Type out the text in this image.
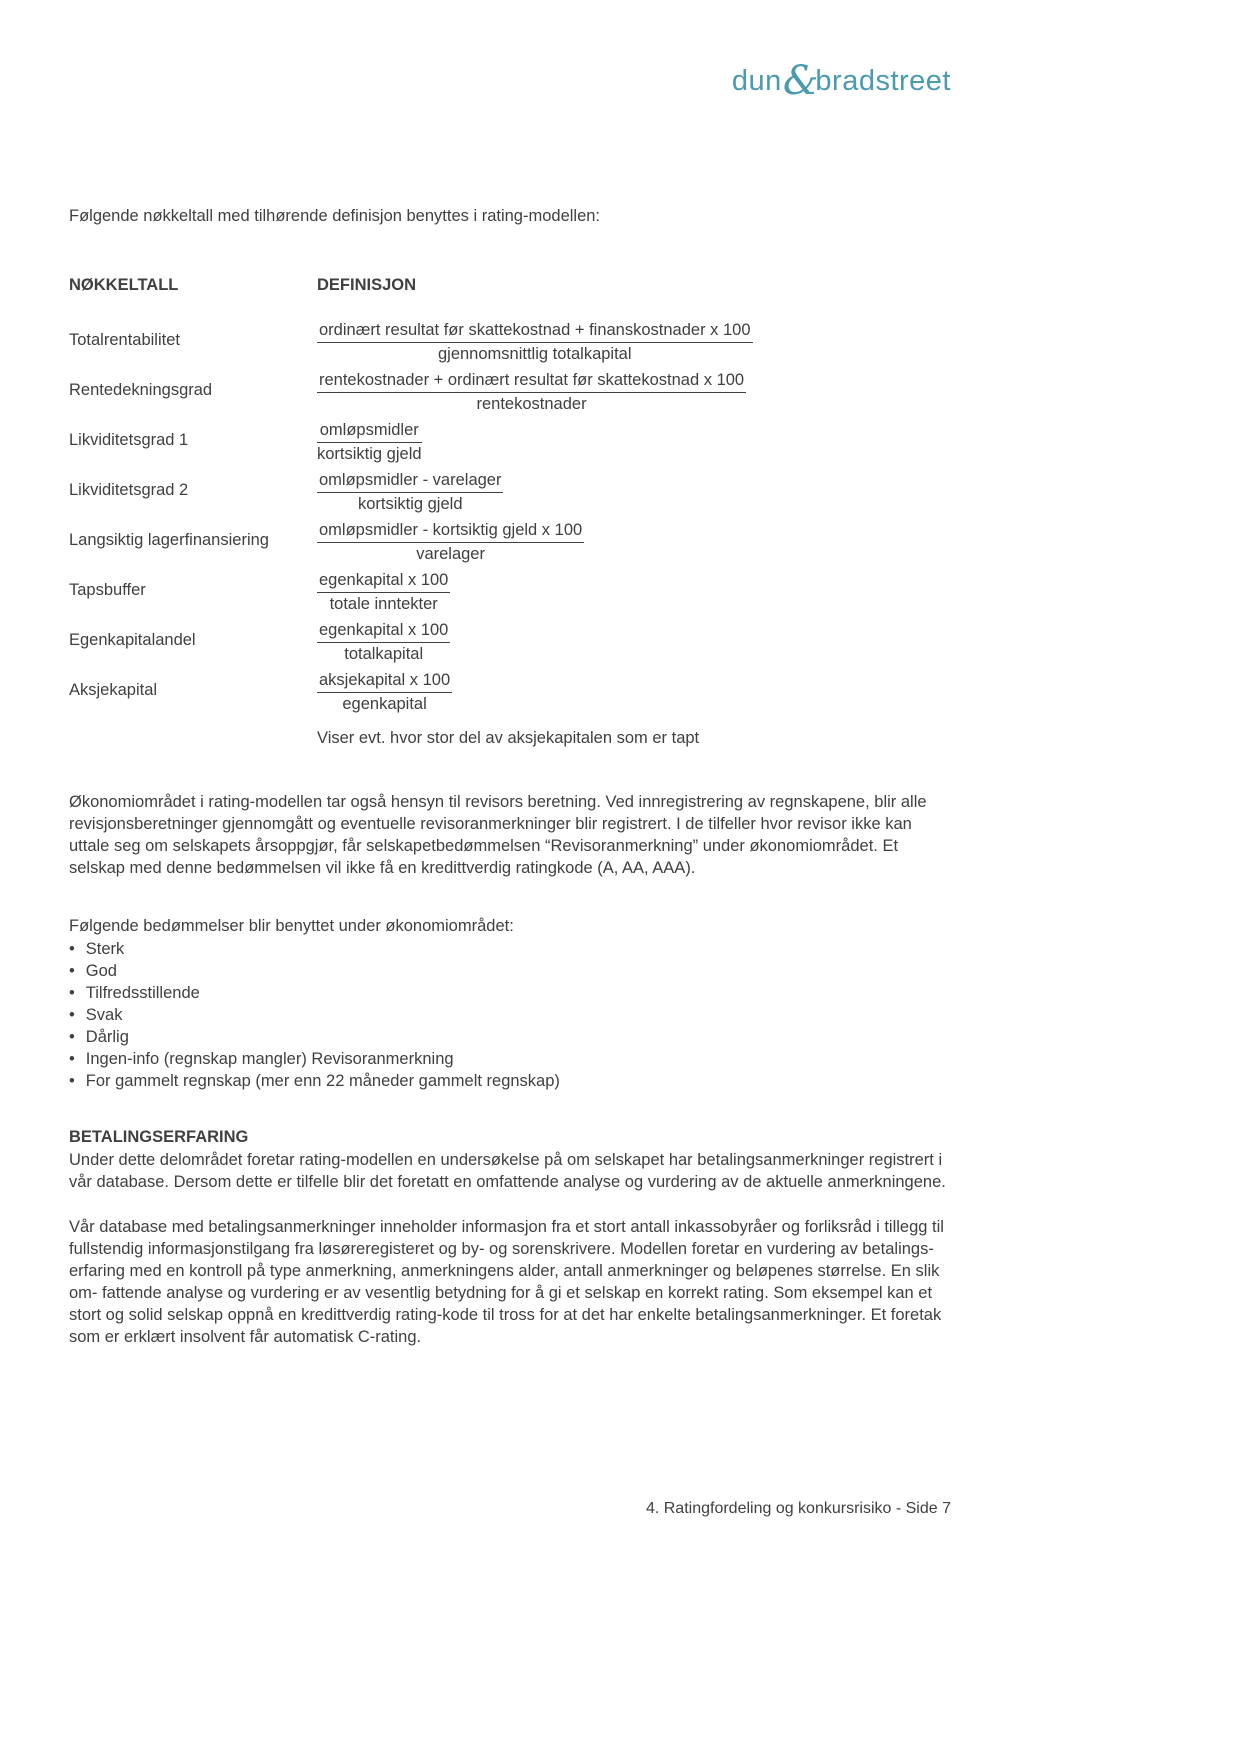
dun&bradstreet

Følgende nøkkeltall med tilhørende definisjon benyttes i rating-modellen:

NØKKELTALL	DEFINISJON
Totalrentabilitet	$\frac{\text{ordinært resultat før skattekostnad + finanskostnader x 100}}{\text{gjennomsnittlig totalkapital}}$
Rentedekningsgrad	$\frac{\text{rentekostnader + ordinært resultat før skattekostnad x 100}}{\text{rentekostnader}}$
Likviditetsgrad 1	$\frac{\text{omløpsmidler}}{\text{kortsiktig gjeld}}$
Likviditetsgrad 2	$\frac{\text{omløpsmidler - varelager}}{\text{kortsiktig gjeld}}$
Langsiktig lagerfinansiering	$\frac{\text{omløpsmidler - kortsiktig gjeld x 100}}{\text{varelager}}$
Tapsbuffer	$\frac{\text{egenkapital x 100}}{\text{totale inntekter}}$
Egenkapitalandel	$\frac{\text{egenkapital x 100}}{\text{totalkapital}}$
Aksjekapital	$\frac{\text{aksjekapital x 100}}{\text{egenkapital}}$

Viser evt. hvor stor del av aksjekapitalen som er tapt

Økonomiområdet i rating-modellen tar også hensyn til revisors beretning. Ved innregistrering av regnskapene, blir alle revisjonsberetninger gjennomgått og eventuelle revisoranmerkninger blir registrert. I de tilfeller hvor revisor ikke kan uttale seg om selskapets årsoppgjør, får selskapetbedømmelsen “Revisoranmerkning” under økonomiområdet. Et selskap med denne bedømmelsen vil ikke få en kredittverdig ratingkode (A, AA, AAA).

Følgende bedømmelser blir benyttet under økonomiområdet:

• Sterk
• God
• Tilfredsstillende
• Svak
• Dårlig
• Ingen-info (regnskap mangler) Revisoranmerkning
• For gammelt regnskap (mer enn 22 måneder gammelt regnskap)

BETALINGSERFARING

Under dette delområdet foretar rating-modellen en undersøkelse på om selskapet har betalingsanmerkninger registrert i vår database. Dersom dette er tilfelle blir det foretatt en omfattende analyse og vurdering av de aktuelle anmerkningene.

Vår database med betalingsanmerkninger inneholder informasjon fra et stort antall inkassobyråer og forliksråd i tillegg til fullstendig informasjonstilgang fra løsøreregisteret og by- og sorenskrivere. Modellen foretar en vurdering av betalings- erfaring med en kontroll på type anmerkning, anmerkningens alder, antall anmerkninger og beløpenes størrelse. En slik om- fattende analyse og vurdering er av vesentlig betydning for å gi et selskap en korrekt rating. Som eksempel kan et stort og solid selskap oppnå en kredittverdig rating-kode til tross for at det har enkelte betalingsanmerkninger. Et foretak som er erklært insolvent får automatisk C-rating.

4. Ratingfordeling og konkursrisiko - Side 7
